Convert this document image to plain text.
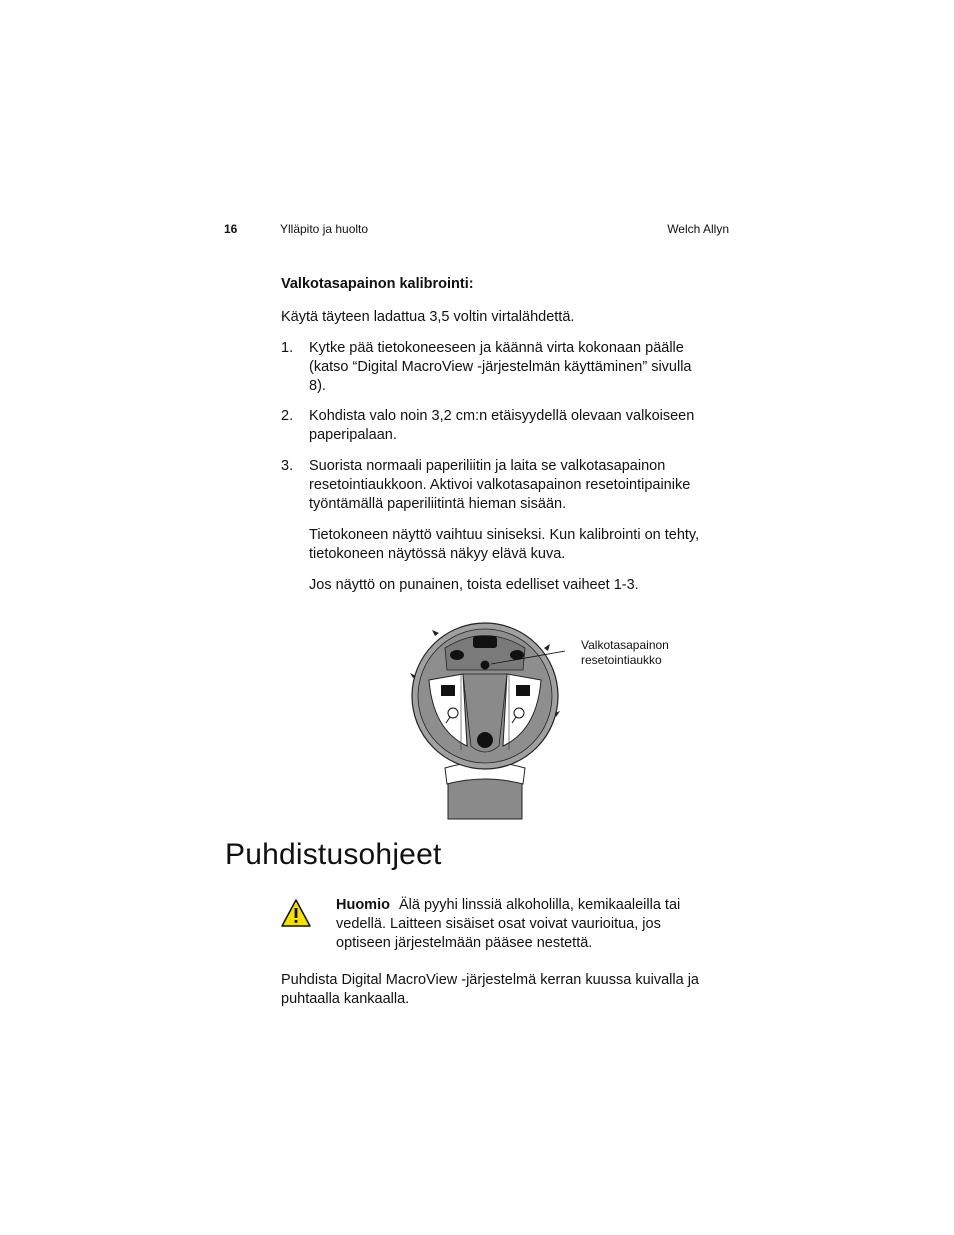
16	Ylläpito ja huolto	Welch Allyn
Valkotasapainon kalibrointi:
Käytä täyteen ladattua 3,5 voltin virtalähdettä.
1. Kytke pää tietokoneeseen ja käännä virta kokonaan päälle (katso “Digital MacroView -järjestelmän käyttäminen” sivulla 8).
2. Kohdista valo noin 3,2 cm:n etäisyydellä olevaan valkoiseen paperipalaan.
3. Suorista normaali paperiliitin ja laita se valkotasapainon resetointiaukkoon. Aktivoi valkotasapainon resetointipainike työntämällä paperiliitintä hieman sisään.
Tietokoneen näyttö vaihtuu siniseksi. Kun kalibrointi on tehty, tietokoneen näytössä näkyy elävä kuva.
Jos näyttö on punainen, toista edelliset vaiheet 1-3.
Valkotasapainon resetointiaukko
Puhdistusohjeet
Huomio Älä pyyhi linssiä alkoholilla, kemikaaleilla tai vedellä. Laitteen sisäiset osat voivat vaurioitua, jos optiseen järjestelmään pääsee nestettä.
Puhdista Digital MacroView -järjestelmä kerran kuussa kuivalla ja puhtaalla kankaalla.
